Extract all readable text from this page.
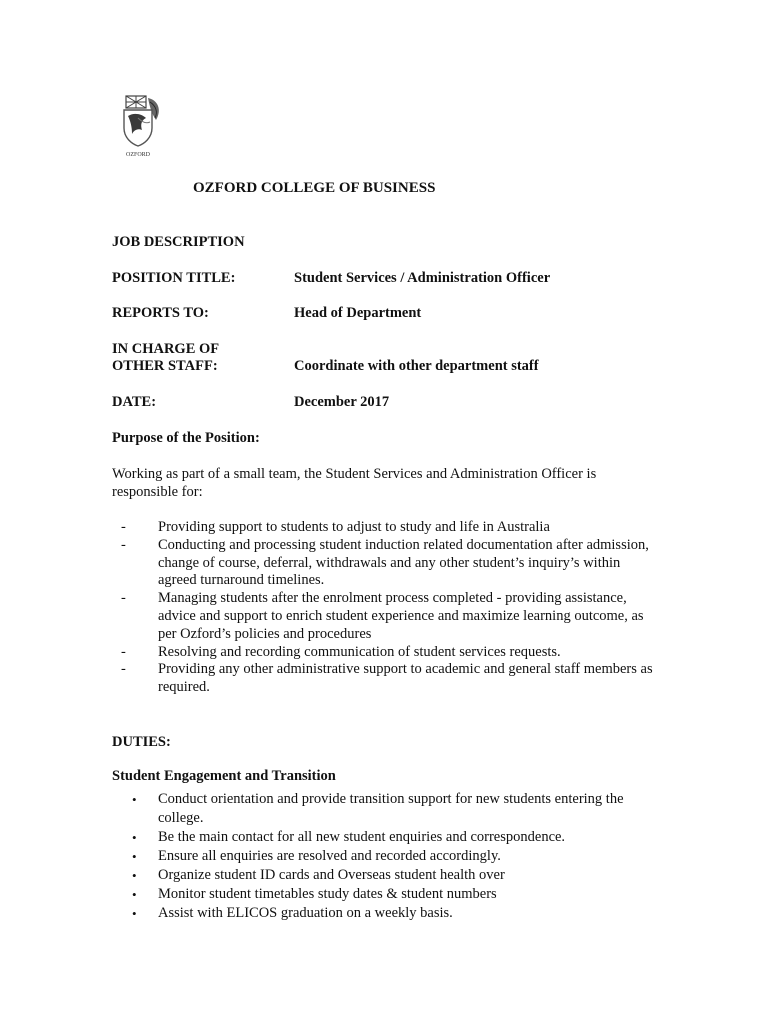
OZFORD
OZFORD COLLEGE OF BUSINESS
JOB DESCRIPTION
POSITION TITLE:	Student Services / Administration Officer
REPORTS TO:	Head of Department
IN CHARGE OF
OTHER STAFF:	Coordinate with other department staff
DATE:	December 2017
Purpose of the Position:
Working as part of a small team, the Student Services and Administration Officer is responsible for:
- Providing support to students to adjust to study and life in Australia
- Conducting and processing student induction related documentation after admission, change of course, deferral, withdrawals and any other student’s inquiry’s within agreed turnaround timelines.
- Managing students after the enrolment process completed - providing assistance, advice and support to enrich student experience and maximize learning outcome, as per Ozford’s policies and procedures
- Resolving and recording communication of student services requests.
- Providing any other administrative support to academic and general staff members as required.
DUTIES:
Student Engagement and Transition
• Conduct orientation and provide transition support for new students entering the college.
• Be the main contact for all new student enquiries and correspondence.
• Ensure all enquiries are resolved and recorded accordingly.
• Organize student ID cards and Overseas student health over
• Monitor student timetables study dates & student numbers
• Assist with ELICOS graduation on a weekly basis.
